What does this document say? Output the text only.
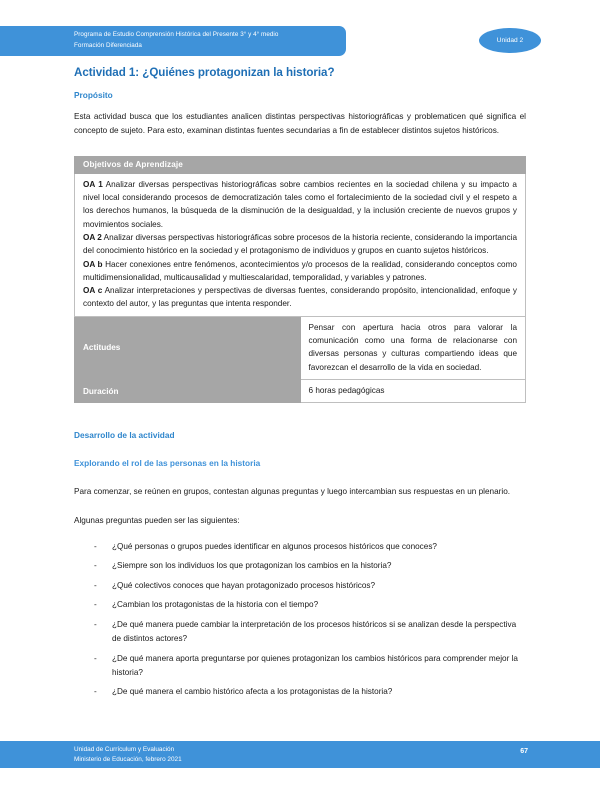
Programa de Estudio Comprensión Histórica del Presente 3° y 4° medio
Formación Diferenciada
Unidad 2
Actividad 1: ¿Quiénes protagonizan la historia?
Propósito

Esta actividad busca que los estudiantes analicen distintas perspectivas historiográficas y problematicen qué significa el concepto de sujeto. Para esto, examinan distintas fuentes secundarias a fin de establecer distintos sujetos históricos.

Objetivos de Aprendizaje	

OA 1 Analizar diversas perspectivas historiográficas sobre cambios recientes en la sociedad chilena y su impacto a nivel local considerando procesos de democratización tales como el fortalecimiento de la sociedad civil y el respeto a los derechos humanos, la búsqueda de la disminución de la desigualdad, y la inclusión creciente de nuevos grupos y movimientos sociales.

OA 2 Analizar diversas perspectivas historiográficas sobre procesos de la historia reciente, considerando la importancia del conocimiento histórico en la sociedad y el protagonismo de individuos y grupos en cuanto sujetos históricos.

OA b Hacer conexiones entre fenómenos, acontecimientos y/o procesos de la realidad, considerando conceptos como multidimensionalidad, multicausalidad y multiescalaridad, temporalidad, y variables y patrones.

OA c Analizar interpretaciones y perspectivas de diversas fuentes, considerando propósito, intencionalidad, enfoque y contexto del autor, y las preguntas que intenta responder.	

Actitudes	Pensar con apertura hacia otros para valorar la comunicación como una forma de relacionarse con diversas personas y culturas compartiendo ideas que favorezcan el desarrollo de la vida en sociedad.

Duración	6 horas pedagógicas

Desarrollo de la actividad
Explorando el rol de las personas en la historia

Para comenzar, se reúnen en grupos, contestan algunas preguntas y luego intercambian sus respuestas en un plenario.

Algunas preguntas pueden ser las siguientes:

- ¿Qué personas o grupos puedes identificar en algunos procesos históricos que conoces?
- ¿Siempre son los individuos los que protagonizan los cambios en la historia?
- ¿Qué colectivos conoces que hayan protagonizado procesos históricos?
- ¿Cambian los protagonistas de la historia con el tiempo?
- ¿De qué manera puede cambiar la interpretación de los procesos históricos si se analizan desde la perspectiva de distintos actores?
- ¿De qué manera aporta preguntarse por quienes protagonizan los cambios históricos para comprender mejor la historia?
- ¿De qué manera el cambio histórico afecta a los protagonistas de la historia?
Unidad de Currículum y Evaluación
Ministerio de Educación, febrero 2021
67
